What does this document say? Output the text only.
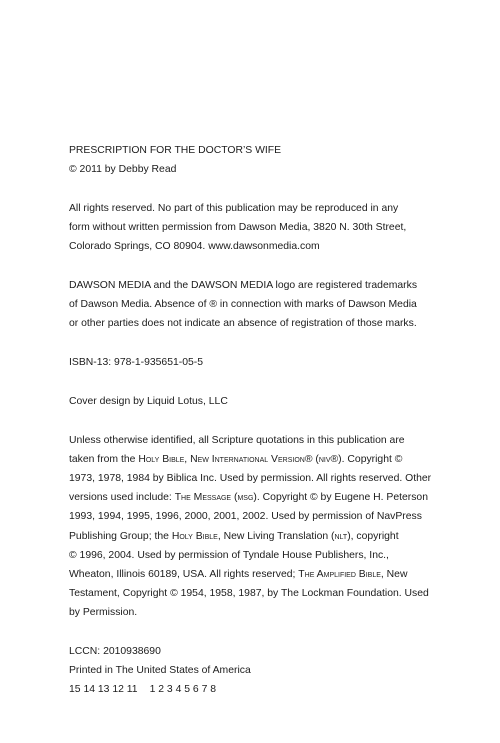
PRESCRIPTION FOR THE DOCTOR’S WIFE
© 2011 by Debby Read
All rights reserved. No part of this publication may be reproduced in any
form without written permission from Dawson Media, 3820 N. 30th Street,
Colorado Springs, CO 80904. www.dawsonmedia.com
DAWSON MEDIA and the DAWSON MEDIA logo are registered trademarks
of Dawson Media. Absence of ® in connection with marks of Dawson Media
or other parties does not indicate an absence of registration of those marks.
ISBN-13: 978-1-935651-05-5
Cover design by Liquid Lotus, LLC
Unless otherwise identified, all Scripture quotations in this publication are
taken from the Holy Bible, New International Version® (niv®). Copyright ©
1973, 1978, 1984 by Biblica Inc. Used by permission. All rights reserved. Other
versions used include: The Message (msg). Copyright © by Eugene H. Peterson
1993, 1994, 1995, 1996, 2000, 2001, 2002. Used by permission of NavPress
Publishing Group; the Holy Bible, New Living Translation (nlt), copyright
© 1996, 2004. Used by permission of Tyndale House Publishers, Inc.,
Wheaton, Illinois 60189, USA. All rights reserved; The Amplified Bible, New
Testament, Copyright © 1954, 1958, 1987, by The Lockman Foundation. Used
by Permission.
LCCN: 2010938690
Printed in The United States of America
15 14 13 12 11 1 2 3 4 5 6 7 8
